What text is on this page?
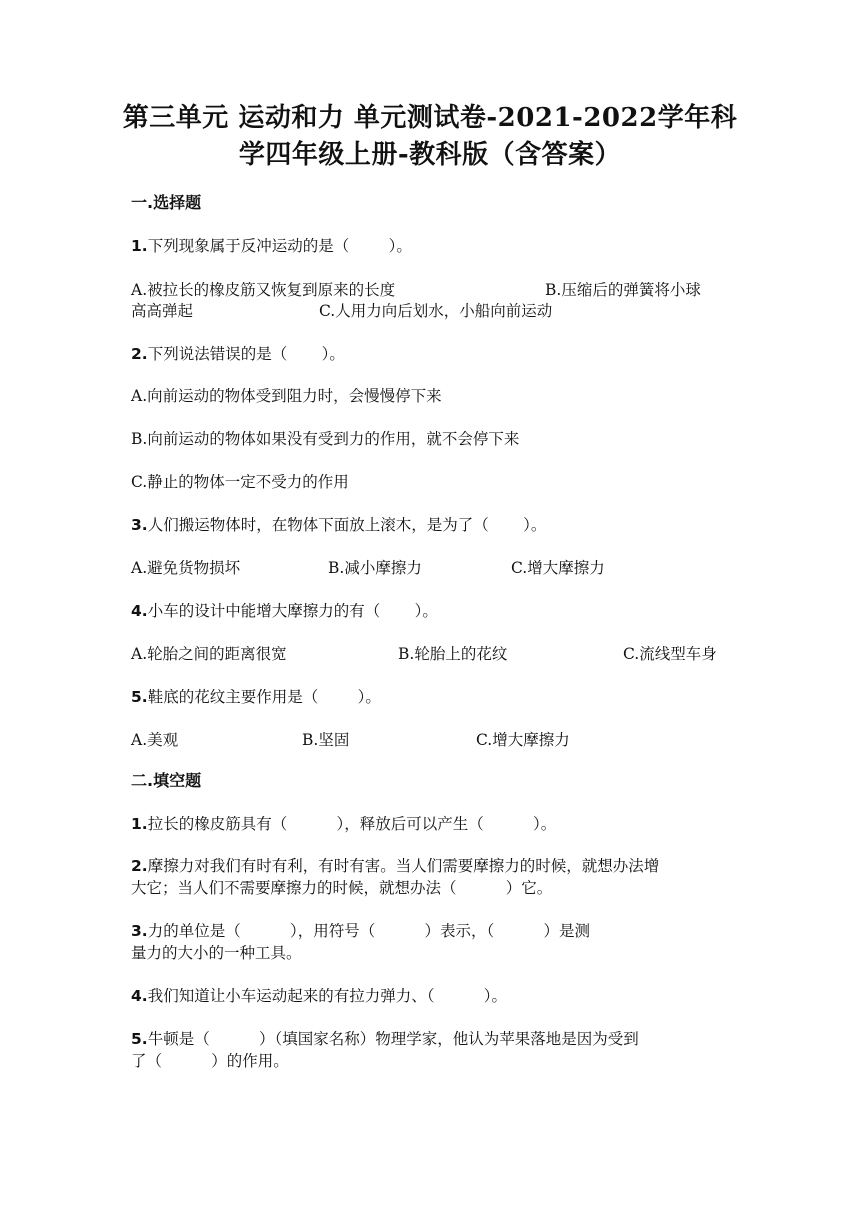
第三单元 运动和力 单元测试卷-2021-2022学年科
学四年级上册-教科版（含答案）
一.选择题
1.下列现象属于反冲运动的是（        ）。
A.被拉长的橡皮筋又恢复到原来的长度	B.压缩后的弹簧将小球
高高弹起	C.人用力向后划水，小船向前运动
2.下列说法错误的是（       ）。
A.向前运动的物体受到阻力时，会慢慢停下来
B.向前运动的物体如果没有受到力的作用，就不会停下来
C.静止的物体一定不受力的作用
3.人们搬运物体时，在物体下面放上滚木，是为了（       ）。
A.避免货物损坏	B.减小摩擦力	C.增大摩擦力
4.小车的设计中能增大摩擦力的有（       ）。
A.轮胎之间的距离很宽	B.轮胎上的花纹	C.流线型车身
5.鞋底的花纹主要作用是（        ）。
A.美观	B.坚固	C.增大摩擦力
二.填空题
1.拉长的橡皮筋具有（          ），释放后可以产生（          ）。
2.摩擦力对我们有时有利，有时有害。当人们需要摩擦力的时候，就想办法增
大它；当人们不需要摩擦力的时候，就想办法（          ）它。
3.力的单位是（          ），用符号（          ）表示，（          ）是测
量力的大小的一种工具。
4.我们知道让小车运动起来的有拉力弹力、（          ）。
5.牛顿是（          ）（填国家名称）物理学家，他认为苹果落地是因为受到
了（          ）的作用。
